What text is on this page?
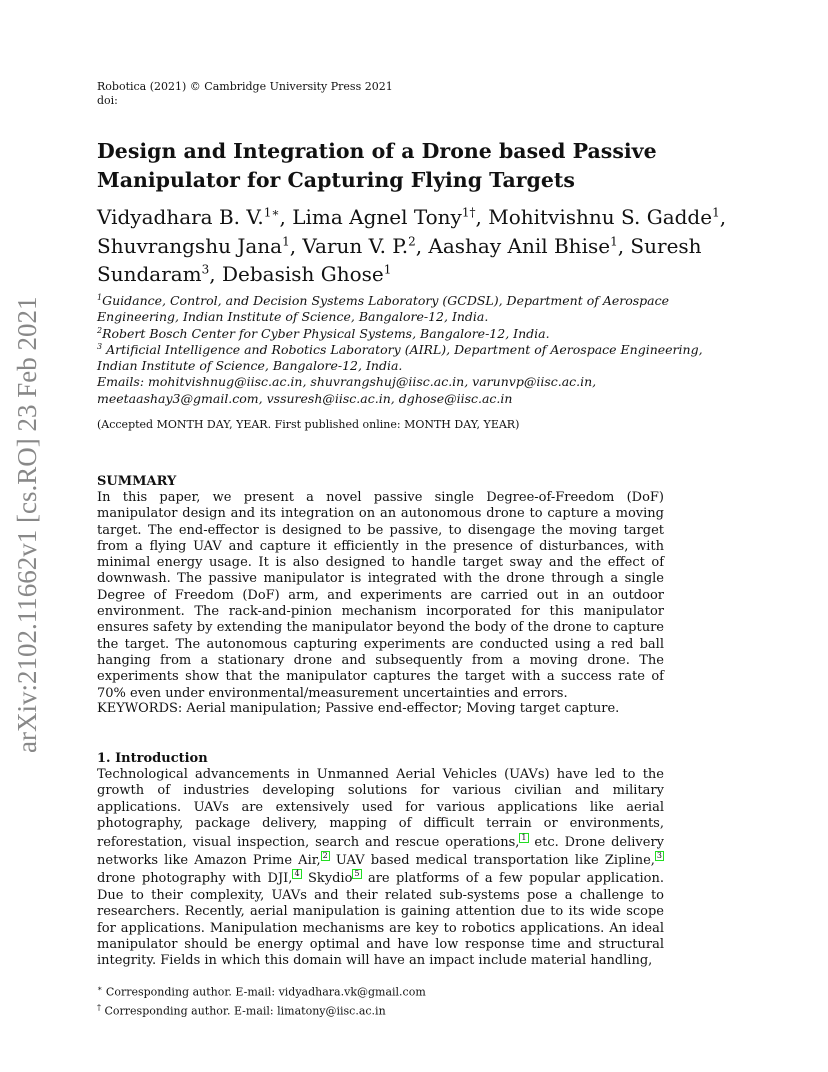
arXiv:2102.11662v1 [cs.RO] 23 Feb 2021
Robotica (2021) © Cambridge University Press 2021
doi:
Design and Integration of a Drone based Passive Manipulator for Capturing Flying Targets
Vidyadhara B. V.$^{1∗}$, Lima Agnel Tony$^{1\dagger}$, Mohitvishnu S. Gadde$^1$, Shuvrangshu Jana$^1$, Varun V. P.$^2$, Aashay Anil Bhise$^1$, Suresh Sundaram$^3$, Debasish Ghose$^1$
$^1$Guidance, Control, and Decision Systems Laboratory (GCDSL), Department of Aerospace Engineering, Indian Institute of Science, Bangalore-12, India.
$^2$Robert Bosch Center for Cyber Physical Systems, Bangalore-12, India.
$^3$ Artificial Intelligence and Robotics Laboratory (AIRL), Department of Aerospace Engineering, Indian Institute of Science, Bangalore-12, India.
Emails: mohitvishnug@iisc.ac.in, shuvrangshuj@iisc.ac.in, varunvp@iisc.ac.in, meetaashay3@gmail.com, vssuresh@iisc.ac.in, dghose@iisc.ac.in
(Accepted MONTH DAY, YEAR. First published online: MONTH DAY, YEAR)
SUMMARY

In this paper, we present a novel passive single Degree-of-Freedom (DoF) manipulator design and its integration on an autonomous drone to capture a moving target. The end-effector is designed to be passive, to disengage the moving target from a flying UAV and capture it efficiently in the presence of disturbances, with minimal energy usage. It is also designed to handle target sway and the effect of downwash. The passive manipulator is integrated with the drone through a single Degree of Freedom (DoF) arm, and experiments are carried out in an outdoor environment. The rack-and-pinion mechanism incorporated for this manipulator ensures safety by extending the manipulator beyond the body of the drone to capture the target. The autonomous capturing experiments are conducted using a red ball hanging from a stationary drone and subsequently from a moving drone. The experiments show that the manipulator captures the target with a success rate of 70% even under environmental/measurement uncertainties and errors.

KEYWORDS: Aerial manipulation; Passive end-effector; Moving target capture.
1. Introduction

Technological advancements in Unmanned Aerial Vehicles (UAVs) have led to the growth of industries developing solutions for various civilian and military applications. UAVs are extensively used for various applications like aerial photography, package delivery, mapping of difficult terrain or environments, reforestation, visual inspection, search and rescue operations, 1 etc. Drone delivery networks like Amazon Prime Air, 2 UAV based medical transportation like Zipline, 3 drone photography with DJI, 4 Skydio 5 are platforms of a few popular application. Due to their complexity, UAVs and their related sub-systems pose a challenge to researchers. Recently, aerial manipulation is gaining attention due to its wide scope for applications. Manipulation mechanisms are key to robotics applications. An ideal manipulator should be energy optimal and have low response time and structural integrity. Fields in which this domain will have an impact include material handling,

∗ Corresponding author. E-mail: vidyadhara.vk@gmail.com
† Corresponding author. E-mail: limatony@iisc.ac.in
